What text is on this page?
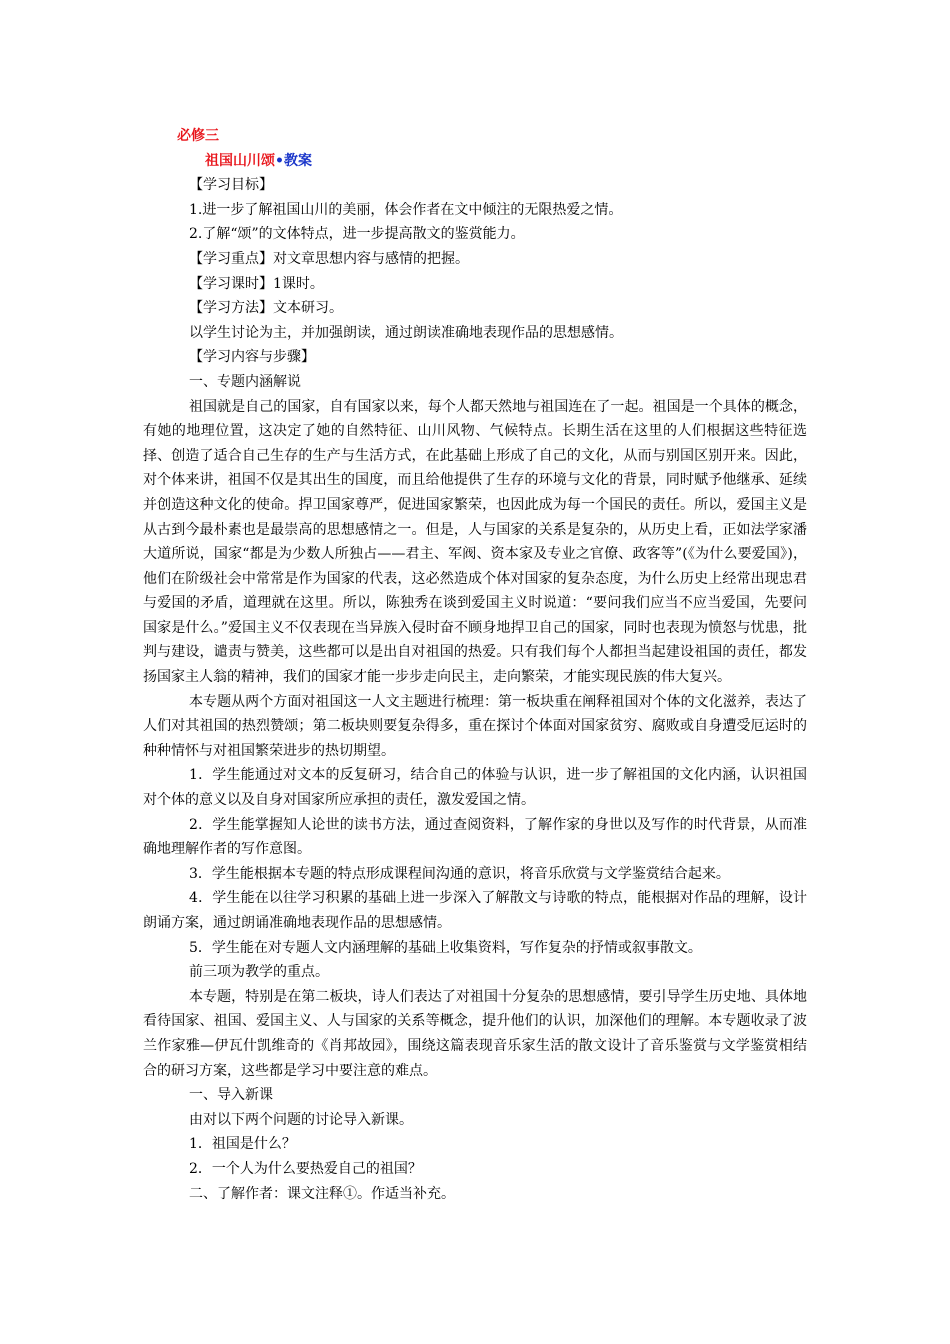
必修三

祖国山川颂•教案

【学习目标】

1.进一步了解祖国山川的美丽，体会作者在文中倾注的无限热爱之情。

2.了解“颂”的文体特点，进一步提高散文的鉴赏能力。

【学习重点】对文章思想内容与感情的把握。

【学习课时】1课时。

【学习方法】文本研习。

以学生讨论为主，并加强朗读，通过朗读准确地表现作品的思想感情。

【学习内容与步骤】

一、专题内涵解说

祖国就是自己的国家，自有国家以来，每个人都天然地与祖国连在了一起。祖国是一个具体的概念，有她的地理位置，这决定了她的自然特征、山川风物、气候特点。长期生活在这里的人们根据这些特征选择、创造了适合自己生存的生产与生活方式，在此基础上形成了自己的文化，从而与别国区别开来。因此，对个体来讲，祖国不仅是其出生的国度，而且给他提供了生存的环境与文化的背景，同时赋予他继承、延续并创造这种文化的使命。捍卫国家尊严，促进国家繁荣，也因此成为每一个国民的责任。所以，爱国主义是从古到今最朴素也是最崇高的思想感情之一。但是，人与国家的关系是复杂的，从历史上看，正如法学家潘大道所说，国家“都是为少数人所独占——君主、军阀、资本家及专业之官僚、政客等”(《为什么要爱国》)，他们在阶级社会中常常是作为国家的代表，这必然造成个体对国家的复杂态度，为什么历史上经常出现忠君与爱国的矛盾，道理就在这里。所以，陈独秀在谈到爱国主义时说道：“要问我们应当不应当爱国，先要问国家是什么。”爱国主义不仅表现在当异族入侵时奋不顾身地捍卫自己的国家，同时也表现为愤怒与忧患，批判与建设，谴责与赞美，这些都可以是出自对祖国的热爱。只有我们每个人都担当起建设祖国的责任，都发扬国家主人翁的精神，我们的国家才能一步步走向民主，走向繁荣，才能实现民族的伟大复兴。

本专题从两个方面对祖国这一人文主题进行梳理：第一板块重在阐释祖国对个体的文化滋养，表达了人们对其祖国的热烈赞颂；第二板块则要复杂得多，重在探讨个体面对国家贫穷、腐败或自身遭受厄运时的种种情怀与对祖国繁荣进步的热切期望。

1．学生能通过对文本的反复研习，结合自己的体验与认识，进一步了解祖国的文化内涵，认识祖国对个体的意义以及自身对国家所应承担的责任，激发爱国之情。

2．学生能掌握知人论世的读书方法，通过查阅资料，了解作家的身世以及写作的时代背景，从而准确地理解作者的写作意图。

3．学生能根据本专题的特点形成课程间沟通的意识，将音乐欣赏与文学鉴赏结合起来。

4．学生能在以往学习积累的基础上进一步深入了解散文与诗歌的特点，能根据对作品的理解，设计朗诵方案，通过朗诵准确地表现作品的思想感情。

5．学生能在对专题人文内涵理解的基础上收集资料，写作复杂的抒情或叙事散文。

前三项为教学的重点。

本专题，特别是在第二板块，诗人们表达了对祖国十分复杂的思想感情，要引导学生历史地、具体地看待国家、祖国、爱国主义、人与国家的关系等概念，提升他们的认识，加深他们的理解。本专题收录了波兰作家雅—伊瓦什凯维奇的《肖邦故园》，围绕这篇表现音乐家生活的散文设计了音乐鉴赏与文学鉴赏相结合的研习方案，这些都是学习中要注意的难点。

一、导入新课

由对以下两个问题的讨论导入新课。

1．祖国是什么？

2．一个人为什么要热爱自己的祖国？

二、了解作者：课文注释①。作适当补充。
